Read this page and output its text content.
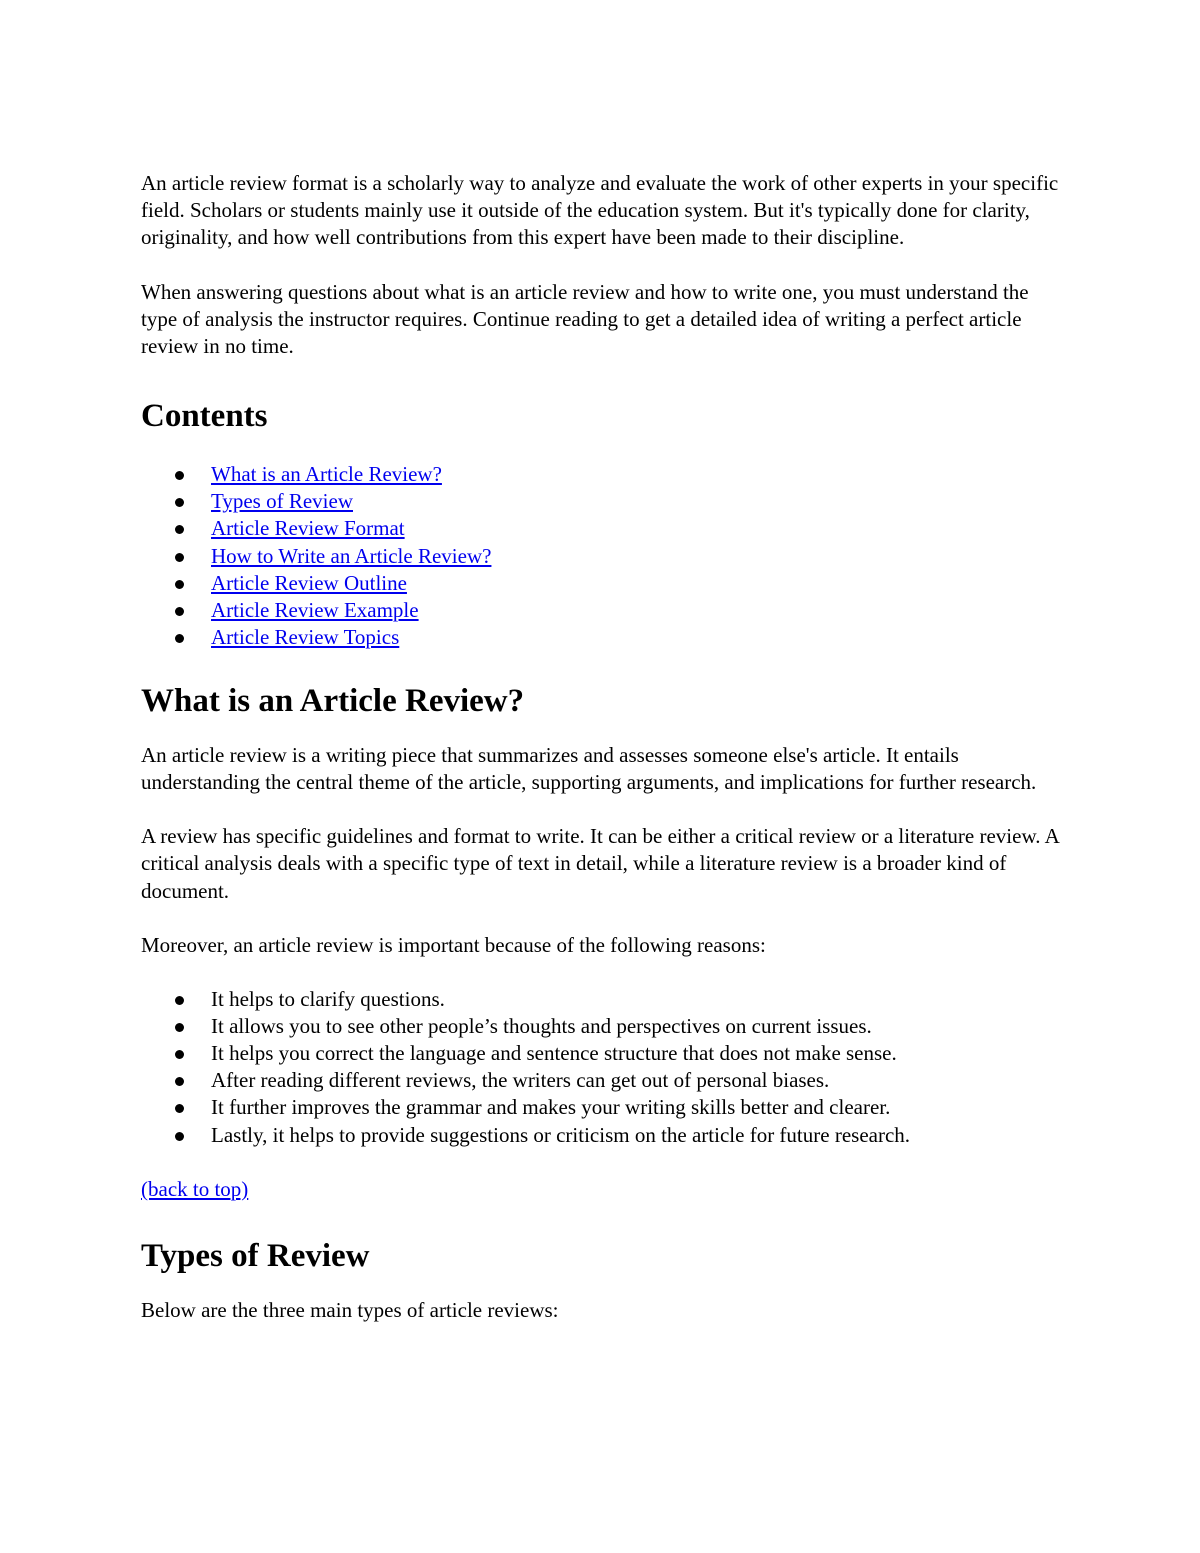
An article review format is a scholarly way to analyze and evaluate the work of other experts in your specific field. Scholars or students mainly use it outside of the education system. But it's typically done for clarity, originality, and how well contributions from this expert have been made to their discipline.

When answering questions about what is an article review and how to write one, you must understand the type of analysis the instructor requires. Continue reading to get a detailed idea of writing a perfect article review in no time.

Contents
What is an Article Review?
Types of Review
Article Review Format
How to Write an Article Review?
Article Review Outline
Article Review Example
Article Review Topics
What is an Article Review?

An article review is a writing piece that summarizes and assesses someone else's article. It entails understanding the central theme of the article, supporting arguments, and implications for further research.

A review has specific guidelines and format to write. It can be either a critical review or a literature review. A critical analysis deals with a specific type of text in detail, while a literature review is a broader kind of document.

Moreover, an article review is important because of the following reasons:

It helps to clarify questions.
It allows you to see other people’s thoughts and perspectives on current issues.
It helps you correct the language and sentence structure that does not make sense.
After reading different reviews, the writers can get out of personal biases.
It further improves the grammar and makes your writing skills better and clearer.
Lastly, it helps to provide suggestions or criticism on the article for future research.

(back to top)

Types of Review

Below are the three main types of article reviews:
